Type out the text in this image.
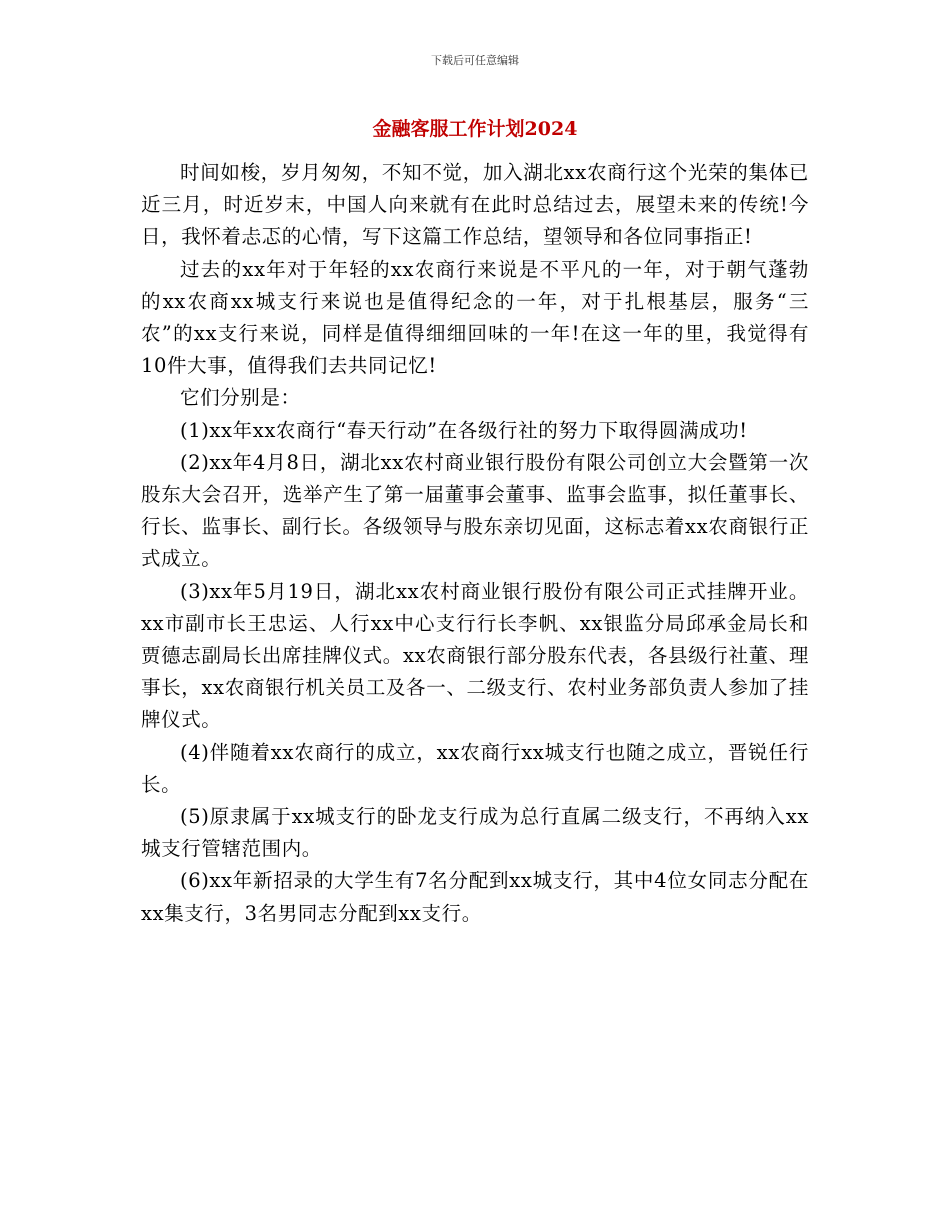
下载后可任意编辑
金融客服工作计划2024

时间如梭，岁月匆匆，不知不觉，加入湖北xx农商行这个光荣的集体已近三月，时近岁末，中国人向来就有在此时总结过去，展望未来的传统!今日，我怀着忐忑的心情，写下这篇工作总结，望领导和各位同事指正!

过去的xx年对于年轻的xx农商行来说是不平凡的一年，对于朝气蓬勃的xx农商xx城支行来说也是值得纪念的一年，对于扎根基层，服务“三农”的xx支行来说，同样是值得细细回味的一年!在这一年的里，我觉得有10件大事，值得我们去共同记忆!

它们分别是：

(1)xx年xx农商行“春天行动”在各级行社的努力下取得圆满成功!

(2)xx年4月8日，湖北xx农村商业银行股份有限公司创立大会暨第一次股东大会召开，选举产生了第一届董事会董事、监事会监事，拟任董事长、行长、监事长、副行长。各级领导与股东亲切见面，这标志着xx农商银行正式成立。

(3)xx年5月19日，湖北xx农村商业银行股份有限公司正式挂牌开业。xx市副市长王忠运、人行xx中心支行行长李帆、xx银监分局邱承金局长和贾德志副局长出席挂牌仪式。xx农商银行部分股东代表，各县级行社董、理事长，xx农商银行机关员工及各一、二级支行、农村业务部负责人参加了挂牌仪式。

(4)伴随着xx农商行的成立，xx农商行xx城支行也随之成立，晋锐任行长。

(5)原隶属于xx城支行的卧龙支行成为总行直属二级支行，不再纳入xx城支行管辖范围内。

(6)xx年新招录的大学生有7名分配到xx城支行，其中4位女同志分配在xx集支行，3名男同志分配到xx支行。
